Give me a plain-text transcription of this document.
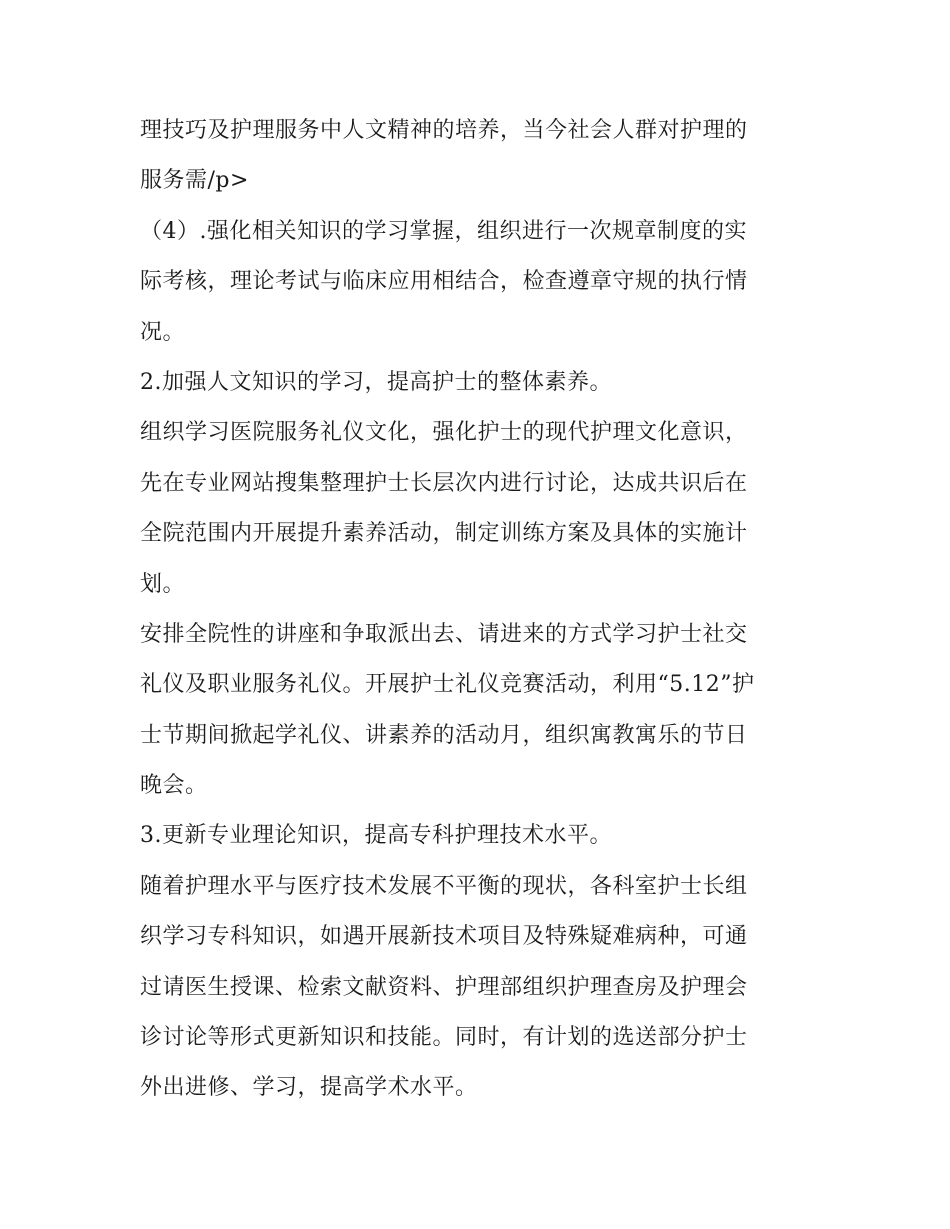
理技巧及护理服务中人文精神的培养，当今社会人群对护理的
服务需/p>
（4）.强化相关知识的学习掌握，组织进行一次规章制度的实
际考核，理论考试与临床应用相结合，检查遵章守规的执行情
况。
2.加强人文知识的学习，提高护士的整体素养。
组织学习医院服务礼仪文化，强化护士的现代护理文化意识，
先在专业网站搜集整理护士长层次内进行讨论，达成共识后在
全院范围内开展提升素养活动，制定训练方案及具体的实施计
划。
安排全院性的讲座和争取派出去、请进来的方式学习护士社交
礼仪及职业服务礼仪。开展护士礼仪竞赛活动，利用“5.12”护
士节期间掀起学礼仪、讲素养的活动月，组织寓教寓乐的节日
晚会。
3.更新专业理论知识，提高专科护理技术水平。
随着护理水平与医疗技术发展不平衡的现状，各科室护士长组
织学习专科知识，如遇开展新技术项目及特殊疑难病种，可通
过请医生授课、检索文献资料、护理部组织护理查房及护理会
诊讨论等形式更新知识和技能。同时，有计划的选送部分护士
外出进修、学习，提高学术水平。
